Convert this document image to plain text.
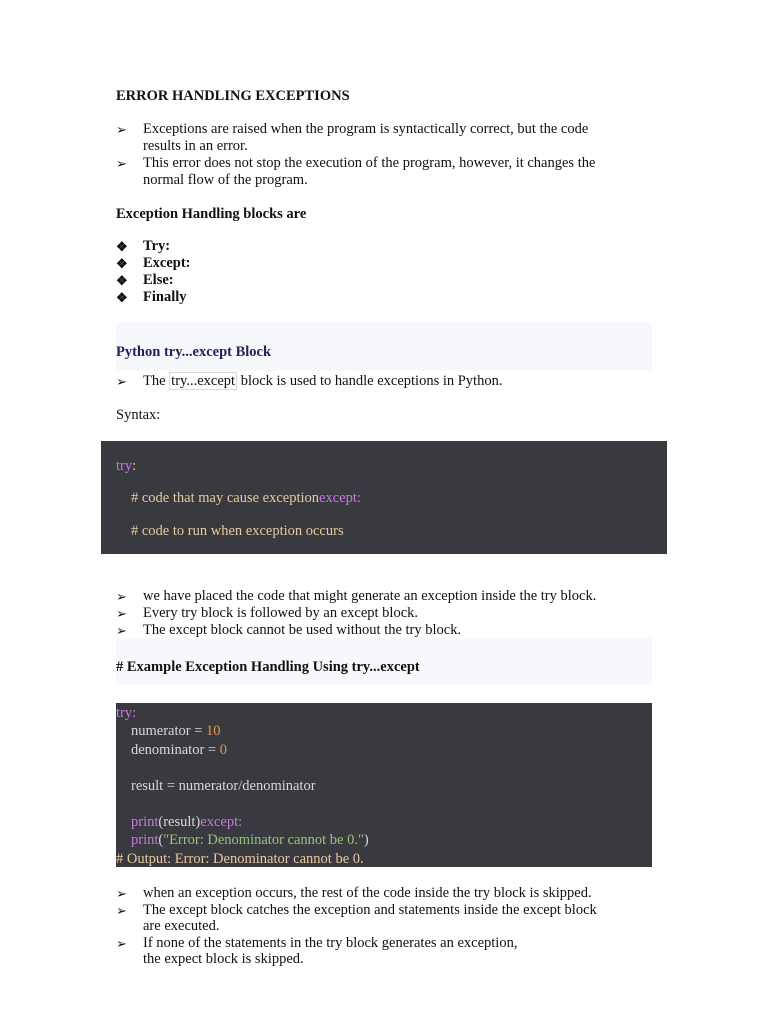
ERROR HANDLING EXCEPTIONS
➢	Exceptions are raised when the program is syntactically correct, but the code
results in an error.
➢	This error does not stop the execution of the program, however, it changes the
normal flow of the program.
Exception Handling blocks are
❖	Try:
❖	Except:
❖	Else:
❖	Finally
Python try...except Block
➢	The try...except block is used to handle exceptions in Python.
Syntax:
try:
# code that may cause exceptionexcept:
# code to run when exception occurs
➢	we have placed the code that might generate an exception inside the try block.
➢	Every try block is followed by an except block.
➢	The except block cannot be used without the try block.
# Example Exception Handling Using try...except
try:
numerator = 10
denominator = 0
result = numerator/denominator
print(result)except:
print("Error: Denominator cannot be 0.")
# Output: Error: Denominator cannot be 0.
➢	when an exception occurs, the rest of the code inside the try block is skipped.
➢	The except block catches the exception and statements inside the except block
are executed.
➢	If none of the statements in the try block generates an exception,
the expect block is skipped.
